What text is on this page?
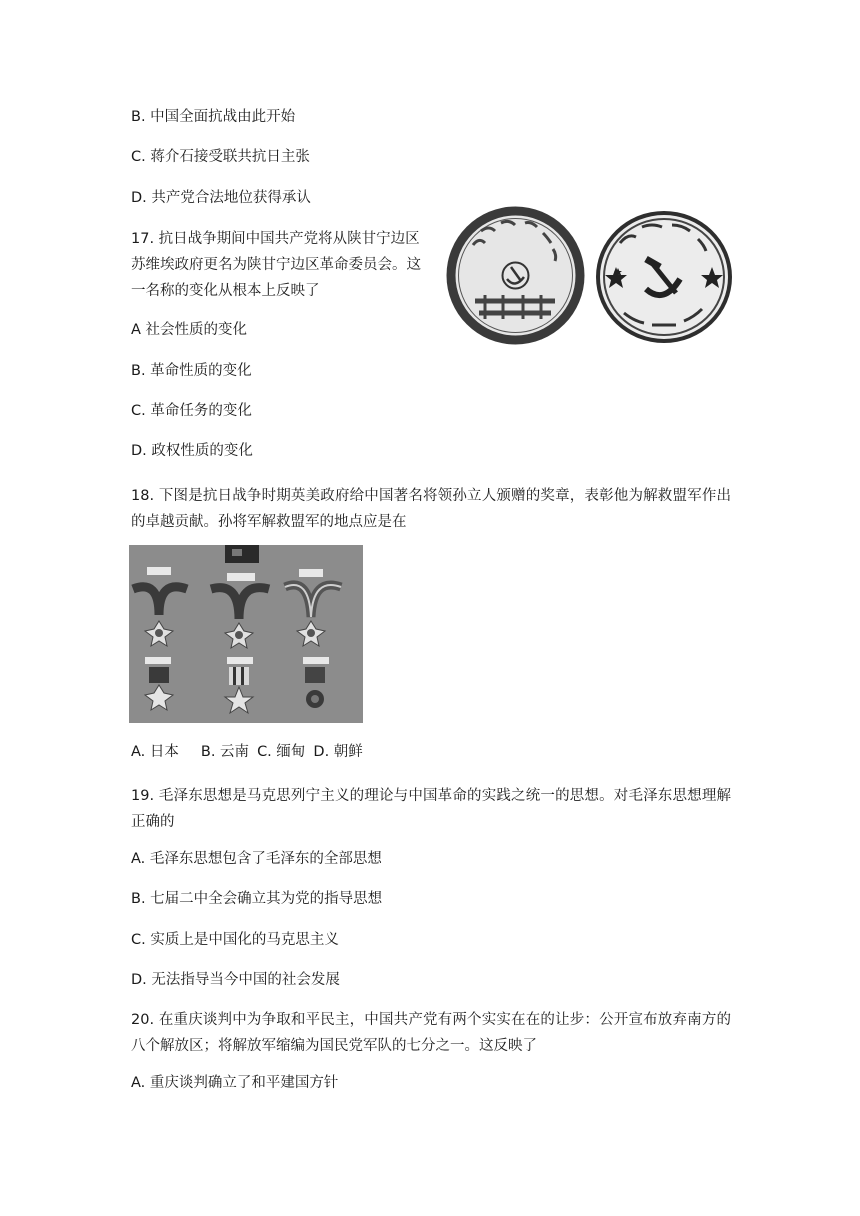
B. 中国全面抗战由此开始
C. 蒋介石接受联共抗日主张
D. 共产党合法地位获得承认
17. 抗日战争期间中国共产党将从陕甘宁边区苏维埃政府更名为陕甘宁边区革命委员会。这一名称的变化从根本上反映了
A 社会性质的变化
B. 革命性质的变化
C. 革命任务的变化
D. 政权性质的变化
18. 下图是抗日战争时期英美政府给中国著名将领孙立人颁赠的奖章，表彰他为解救盟军作出的卓越贡献。孙将军解救盟军的地点应是在
A. 日本 B. 云南 C. 缅甸 D. 朝鲜
19. 毛泽东思想是马克思列宁主义的理论与中国革命的实践之统一的思想。对毛泽东思想理解正确的
A. 毛泽东思想包含了毛泽东的全部思想
B. 七届二中全会确立其为党的指导思想
C. 实质上是中国化的马克思主义
D. 无法指导当今中国的社会发展
20. 在重庆谈判中为争取和平民主，中国共产党有两个实实在在的让步：公开宣布放弃南方的八个解放区；将解放军缩编为国民党军队的七分之一。这反映了
A. 重庆谈判确立了和平建国方针
